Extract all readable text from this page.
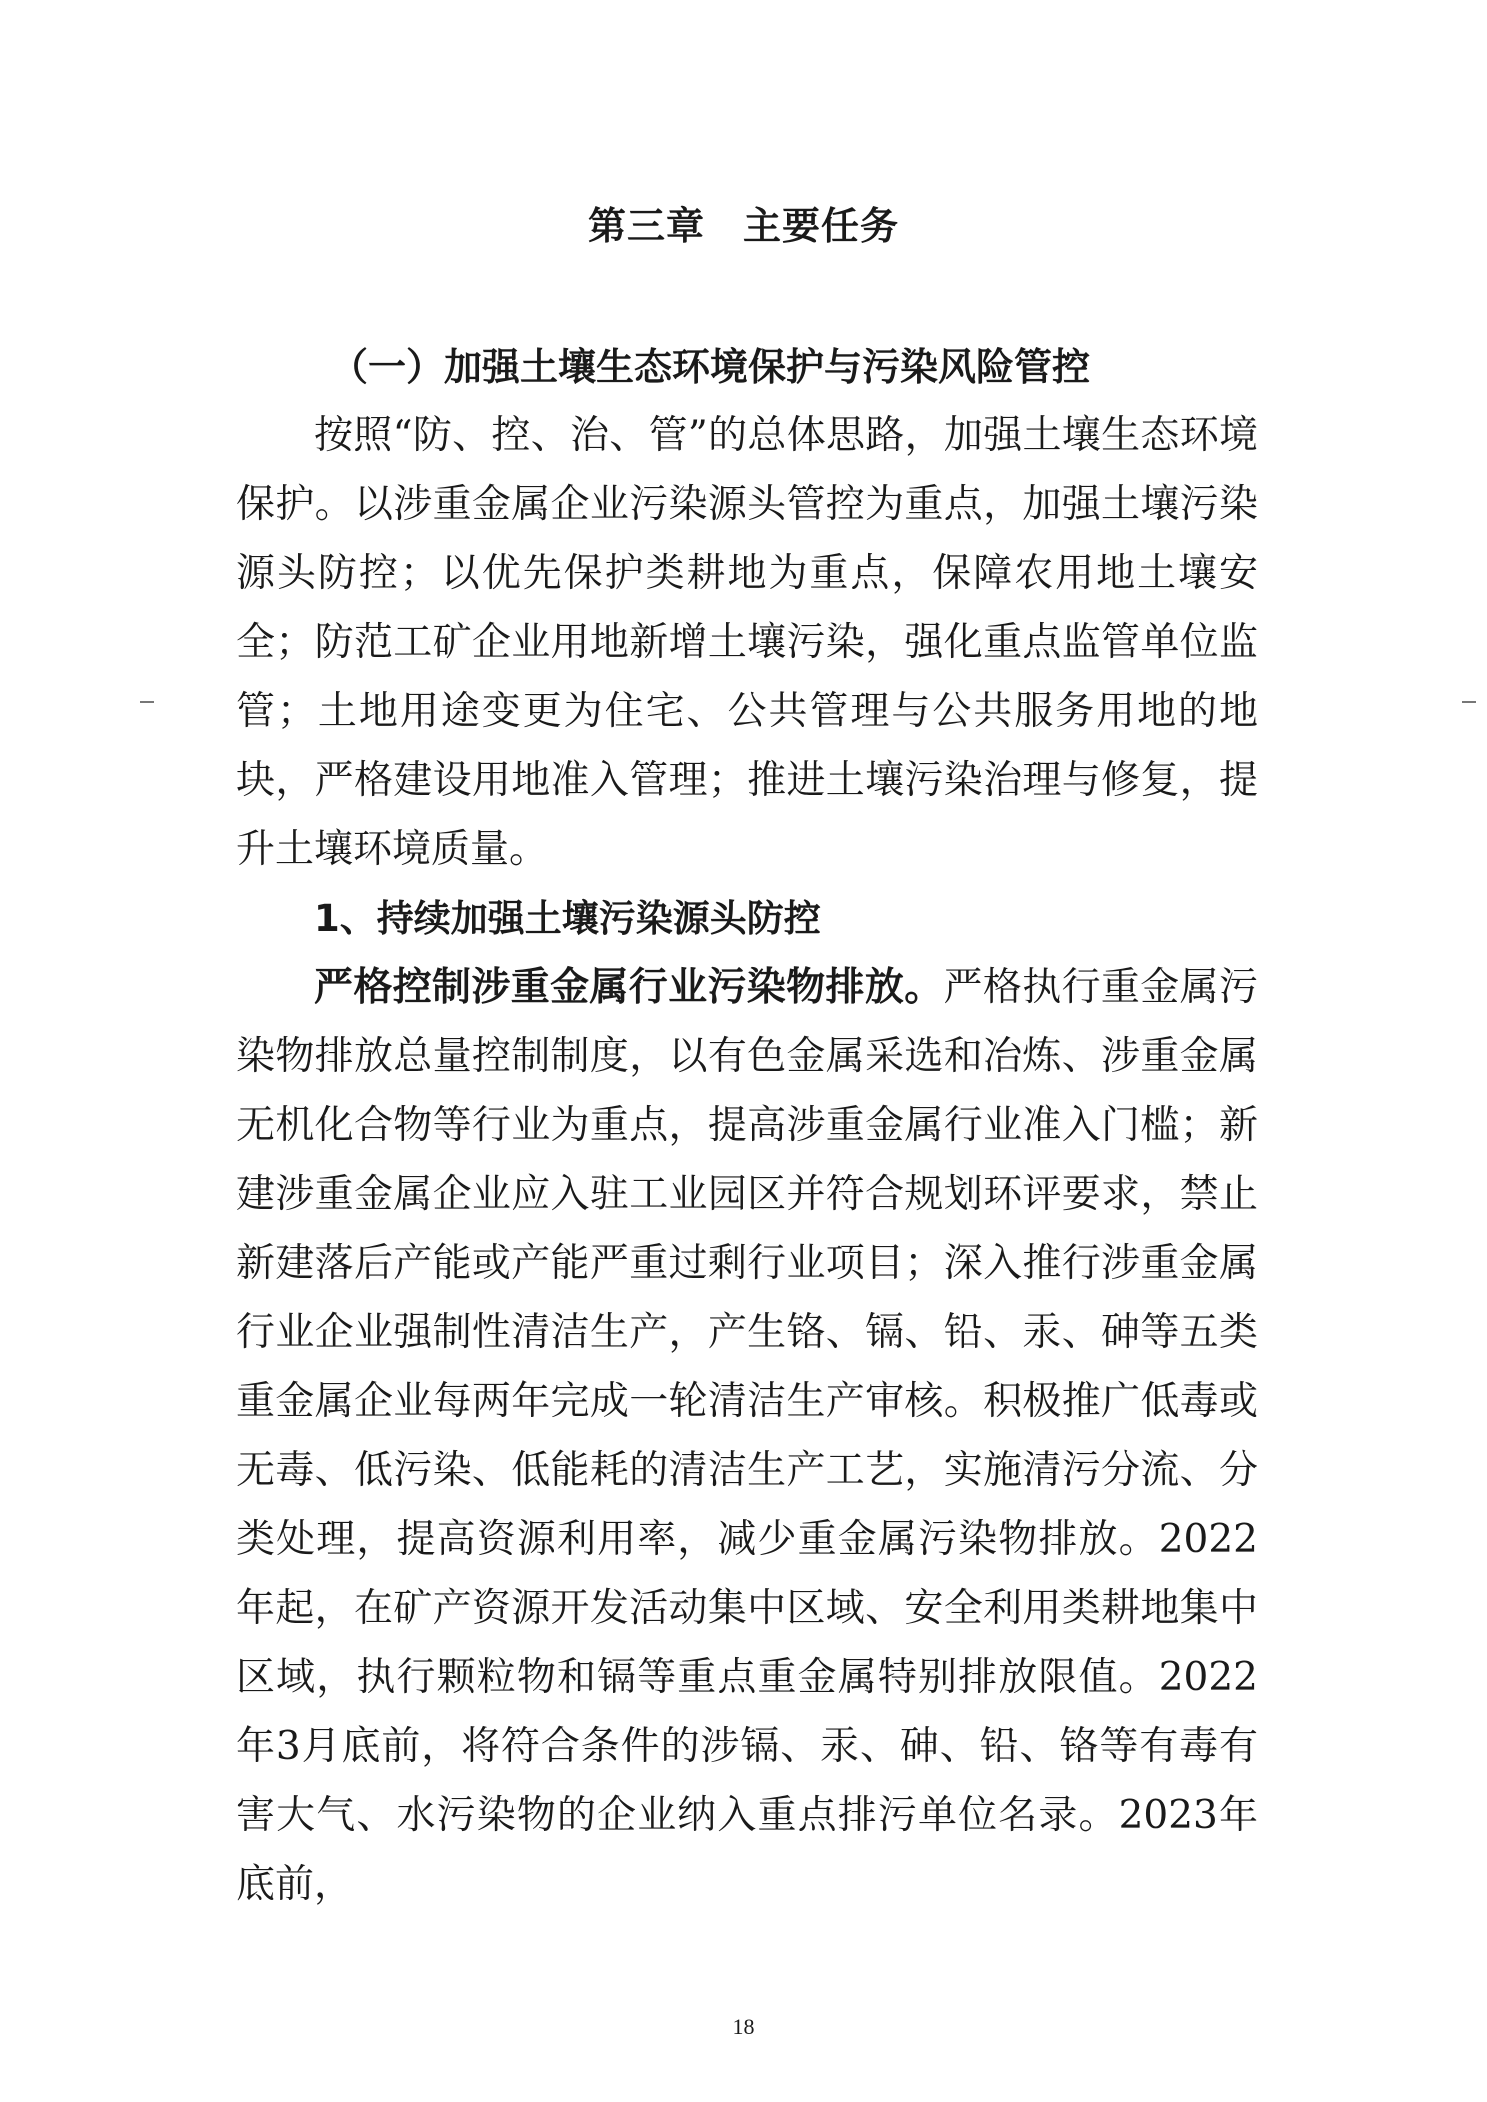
第三章 主要任务

（一）加强土壤生态环境保护与污染风险管控

按照“防、控、治、管”的总体思路，加强土壤生态环境保护。以涉重金属企业污染源头管控为重点，加强土壤污染源头防控；以优先保护类耕地为重点，保障农用地土壤安全；防范工矿企业用地新增土壤污染，强化重点监管单位监管；土地用途变更为住宅、公共管理与公共服务用地的地块，严格建设用地准入管理；推进土壤污染治理与修复，提升土壤环境质量。

1、持续加强土壤污染源头防控

严格控制涉重金属行业污染物排放。严格执行重金属污染物排放总量控制制度，以有色金属采选和冶炼、涉重金属无机化合物等行业为重点，提高涉重金属行业准入门槛；新建涉重金属企业应入驻工业园区并符合规划环评要求，禁止新建落后产能或产能严重过剩行业项目；深入推行涉重金属行业企业强制性清洁生产，产生铬、镉、铅、汞、砷等五类重金属企业每两年完成一轮清洁生产审核。积极推广低毒或无毒、低污染、低能耗的清洁生产工艺，实施清污分流、分类处理，提高资源利用率，减少重金属污染物排放。2022年起，在矿产资源开发活动集中区域、安全利用类耕地集中区域，执行颗粒物和镉等重点重金属特别排放限值。2022年3月底前，将符合条件的涉镉、汞、砷、铅、铬等有毒有害大气、水污染物的企业纳入重点排污单位名录。2023年底前，

18
